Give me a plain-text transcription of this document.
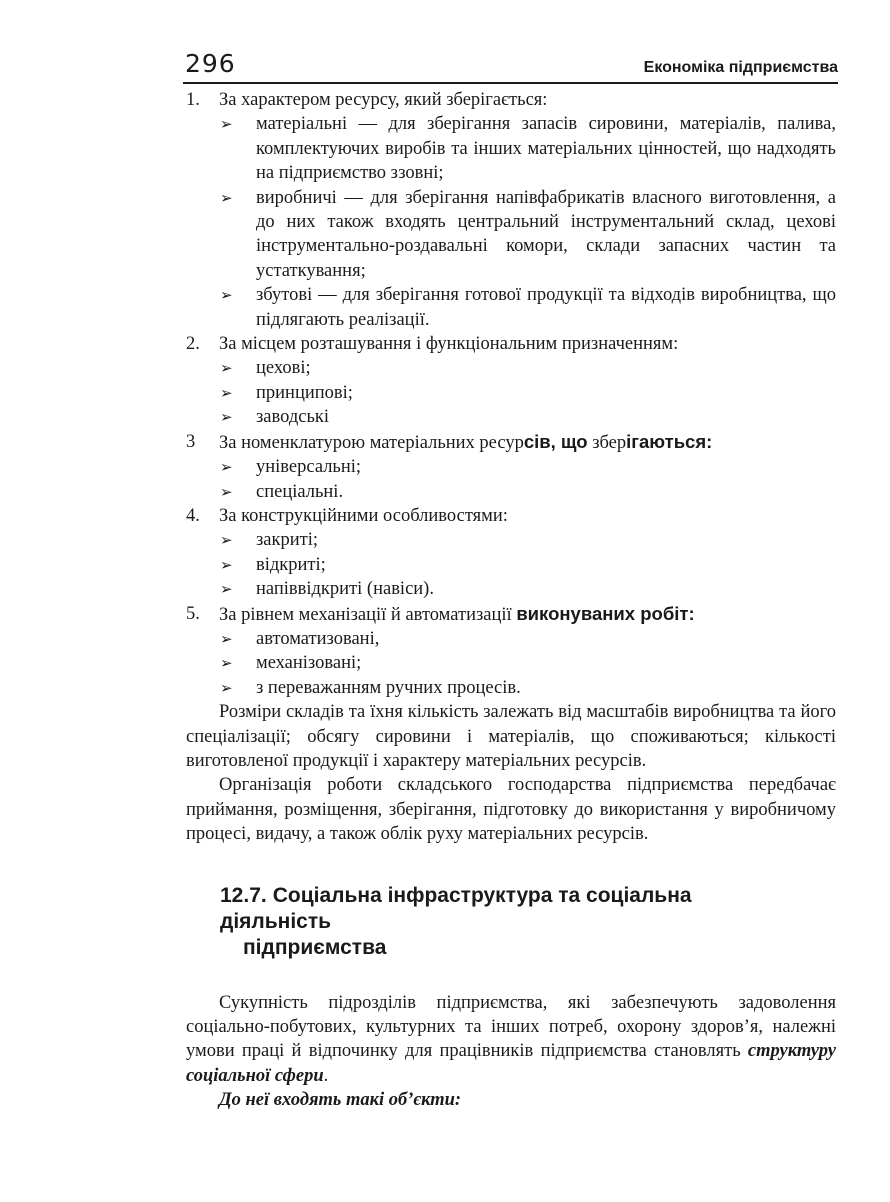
296	Економіка підприємства
1. За характером ресурсу, який зберігається:
➢ матеріальні — для зберігання запасів сировини, матеріалів, палива, комплектуючих виробів та інших матеріальних цінностей, що надходять на підприємство ззовні;
➢ виробничі — для зберігання напівфабрикатів власного виготовлення, а до них також входять центральний інструментальний склад, цехові інструментально-роздавальні комори, склади запасних частин та устаткування;
➢ збутові — для зберігання готової продукції та відходів виробництва, що підлягають реалізації.
2. За місцем розташування і функціональним призначенням:
➢ цехові;
➢ принципові;
➢ заводські
3 За номенклатурою матеріальних ресурсів, що зберігаються:
➢ універсальні;
➢ спеціальні.
4. За конструкційними особливостями:
➢ закриті;
➢ відкриті;
➢ напіввідкриті (навіси).
5. За рівнем механізації й автоматизації виконуваних робіт:
➢ автоматизовані,
➢ механізовані;
➢ з переважанням ручних процесів.

Розміри складів та їхня кількість залежать від масштабів виробництва та його спеціалізації; обсягу сировини і матеріалів, що споживаються; кількості виготовленої продукції і характеру матеріальних ресурсів.

Організація роботи складського господарства підприємства передбачає приймання, розміщення, зберігання, підготовку до використання у виробничому процесі, видачу, а також облік руху матеріальних ресурсів.

12.7. Соціальна інфраструктура та соціальна діяльність
підприємства

Сукупність підрозділів підприємства, які забезпечують задоволення соціально-побутових, культурних та інших потреб, охорону здоров’я, належні умови праці й відпочинку для працівників підприємства становлять структуру соціальної сфери.

До неї входять такі об’єкти:
